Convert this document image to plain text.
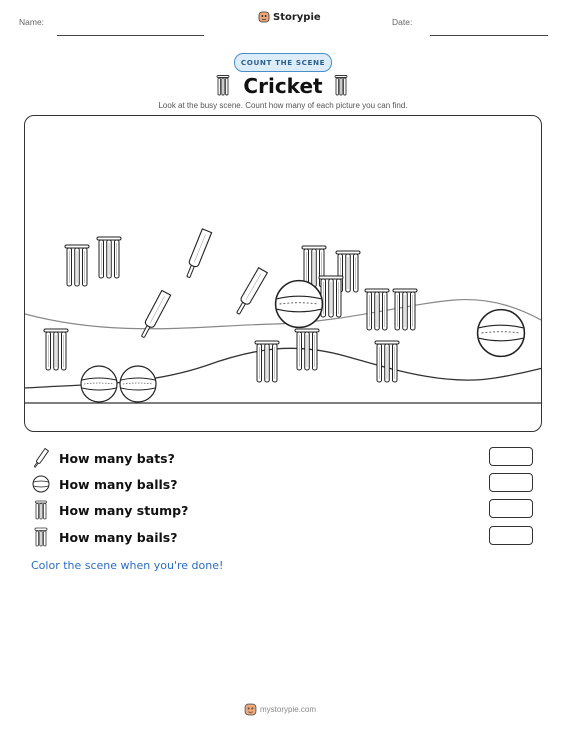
Name:	Storypie	Date:
COUNT THE SCENE
Cricket
Look at the busy scene. Count how many of each picture you can find.
How many bats?
How many balls?
How many stump?
How many bails?
Color the scene when you're done!
mystorypie.com
